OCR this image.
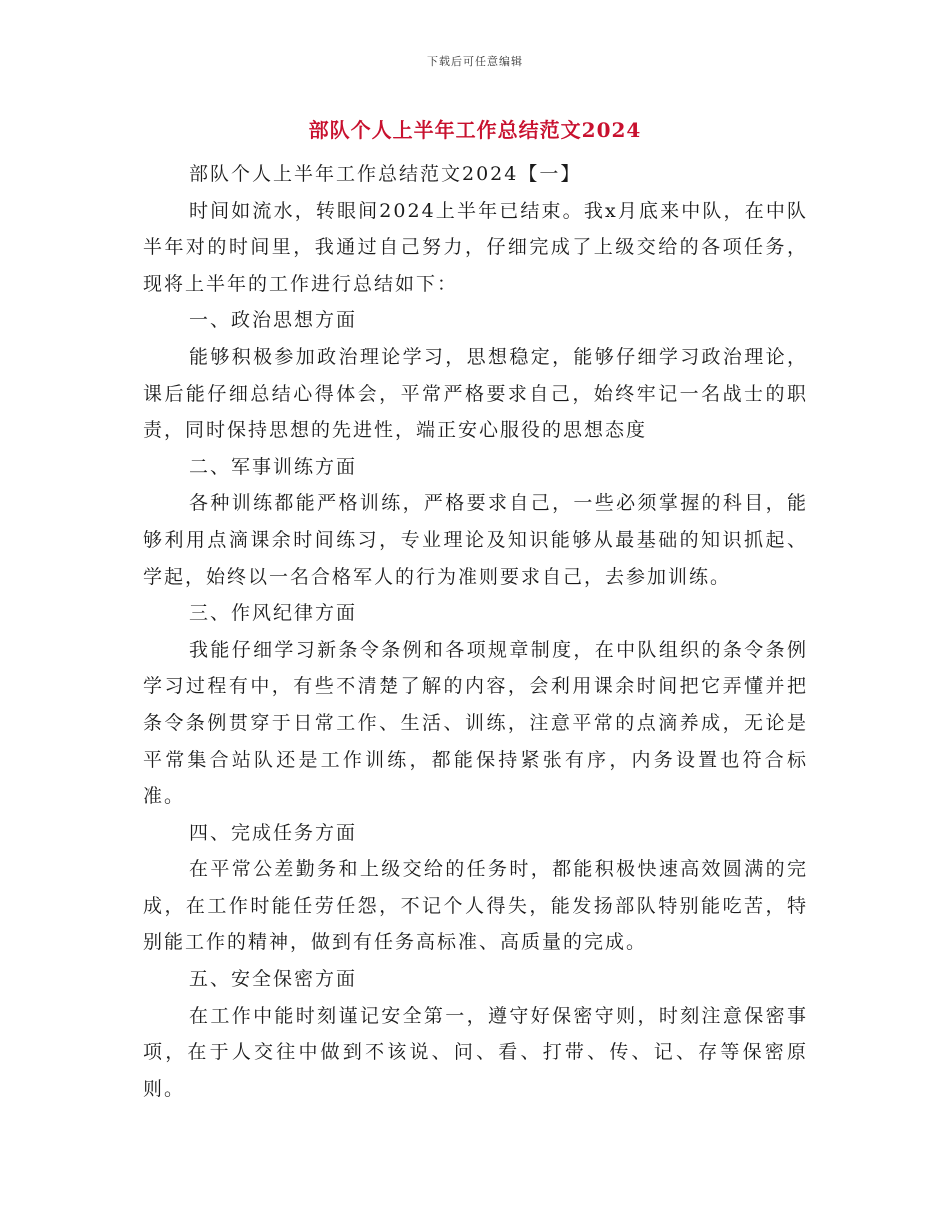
下载后可任意编辑
部队个人上半年工作总结范文2024

部队个人上半年工作总结范文2024【一】

时间如流水，转眼间2024上半年已结束。我x月底来中队，在中队半年对的时间里，我通过自己努力，仔细完成了上级交给的各项任务，现将上半年的工作进行总结如下：

一、政治思想方面

能够积极参加政治理论学习，思想稳定，能够仔细学习政治理论，课后能仔细总结心得体会，平常严格要求自己，始终牢记一名战士的职责，同时保持思想的先进性，端正安心服役的思想态度

二、军事训练方面

各种训练都能严格训练，严格要求自己，一些必须掌握的科目，能够利用点滴课余时间练习，专业理论及知识能够从最基础的知识抓起、学起，始终以一名合格军人的行为准则要求自己，去参加训练。

三、作风纪律方面

我能仔细学习新条令条例和各项规章制度，在中队组织的条令条例学习过程有中，有些不清楚了解的内容，会利用课余时间把它弄懂并把条令条例贯穿于日常工作、生活、训练，注意平常的点滴养成，无论是平常集合站队还是工作训练，都能保持紧张有序，内务设置也符合标准。

四、完成任务方面

在平常公差勤务和上级交给的任务时，都能积极快速高效圆满的完成，在工作时能任劳任怨，不记个人得失，能发扬部队特别能吃苦，特别能工作的精神，做到有任务高标准、高质量的完成。

五、安全保密方面

在工作中能时刻谨记安全第一，遵守好保密守则，时刻注意保密事项，在于人交往中做到不该说、问、看、打带、传、记、存等保密原则。
